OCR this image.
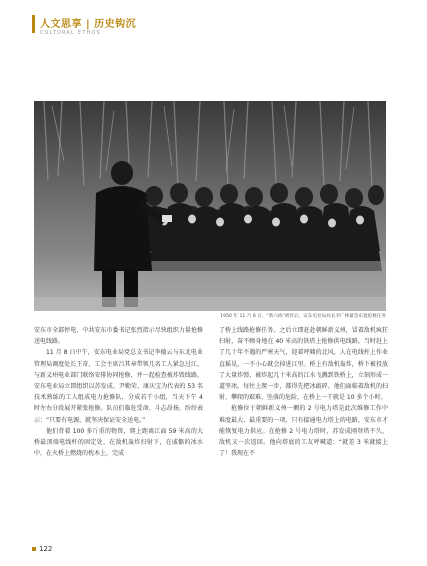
人文思享 | 历史钩沉
CULTURAL ETHOS
1950 年 11 月 8 日，“新六线”被炸后，安东电业局局长李广林紧急布置抢修任务

安东市全部停电，中共安东市委书记张烈指示尽快组织力量抢修送电线路。

11 月 8 日中午，安东电业局党总支书记李德云与东北电业管理局调度处长王奇、工会主席吕其章带领几名工人紧急过江，与新义州电业部门联络安排协同抢修，并一起检查被炸毁线路。安东电业局立即组织以苏发成、尹勤荣、康庆宝为代表的 53 名技术熟练的工人组成电力抢修队，分成若干小组，当天下午 4 时左右分段展开紧张抢修。队员们临危受命、斗志昂扬，纷纷表示：“只要有电源，就坚决保证安全送电。”

他们背着 100 多斤重的物资，爬上距离江面 59 米高的大桥最顶端电线杆的固定处，在敌机轰炸扫射下，在戚骼的冰水中，在火桥上燃烧的枕木上，完成

了桥上线路抢修任务。之后立即赶赴朝鲜新义州，冒着敌机疯狂扫射，奋不顾身地在 40 米高的铁塔上抢修供电线路。当时赶上了几十年不遇的严寒天气，迎着呼啸的北风，人在电线杆上作业直摇晃，一不小心就会掉进江里。桥上有敌机轰炸，桥下被投放了大量炸弹，被炸起几十米高的江水飞溅到铁桥上，立刻形成一道坚冰。每往上爬一步，都得先把冰敲碎。他们面临着敌机的扫射、攀爬的艰难、坠落的危险，在桥上一干就是 10 多个小时。

抢修位于朝鲜新义州一侧的 2 号电力塔是此次维修工作中难度最大、最重要的一项，只有接通电力塔上的电路，安东市才能恢复电力供应。在抢修 2 号电力塔时，苏发成刚登塔不久，敌机又一次返回。他向塔底的工友呼喊道：“就差 3 米就接上了！我现在不

122
